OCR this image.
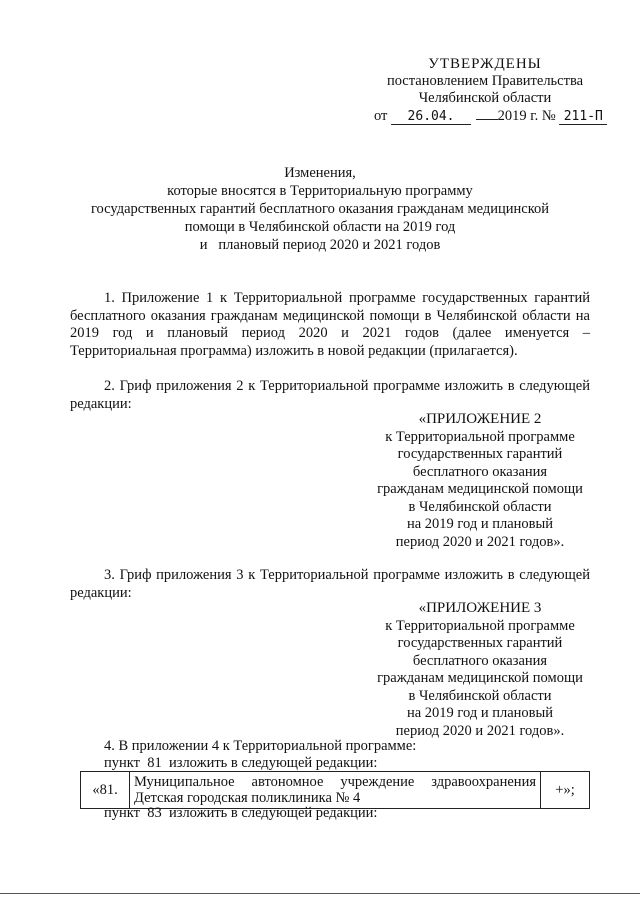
УТВЕРЖДЕНЫ
постановлением Правительства
Челябинской области
от 26.04.	2019 г. № 211-П
Изменения,
которые вносятся в Территориальную программу
государственных гарантий бесплатного оказания гражданам медицинской
помощи в Челябинской области на 2019 год
и   плановый период 2020 и 2021 годов
1. Приложение 1 к Территориальной программе государственных гарантий бесплатного оказания гражданам медицинской помощи в Челябинской области на 2019 год и плановый период 2020 и 2021 годов (далее именуется – Территориальная программа) изложить в новой редакции (прилагается).
2. Гриф приложения 2 к Территориальной программе изложить в следующей редакции:
«ПРИЛОЖЕНИЕ 2
к Территориальной программе
государственных гарантий
бесплатного оказания
гражданам медицинской помощи
в Челябинской области
на 2019 год и плановый
период 2020 и 2021 годов».
3. Гриф приложения 3 к Территориальной программе изложить в следующей редакции:
«ПРИЛОЖЕНИЕ 3
к Территориальной программе
государственных гарантий
бесплатного оказания
гражданам медицинской помощи
в Челябинской области
на 2019 год и плановый
период 2020 и 2021 годов».
4. В приложении 4 к Территориальной программе:
пункт  81  изложить в следующей редакции:
«81.	Муниципальное автономное учреждение здравоохранения Детская городская поликлиника № 4	+»;
пункт  83  изложить в следующей редакции:
